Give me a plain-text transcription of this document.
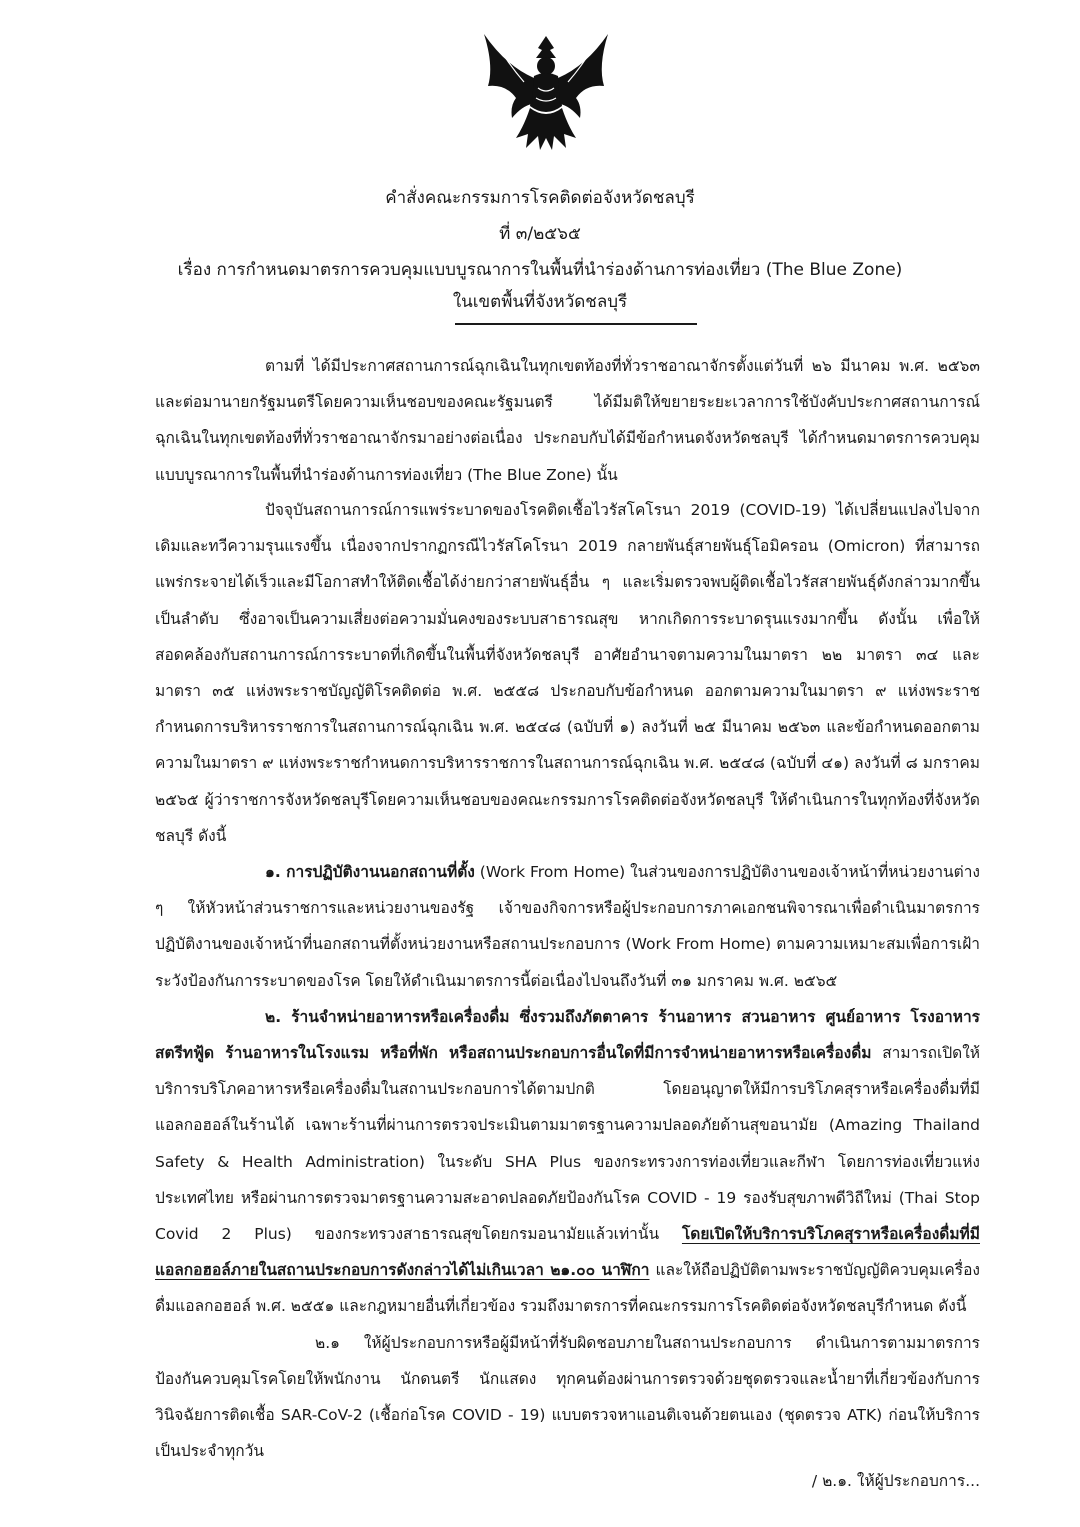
คำสั่งคณะกรรมการโรคติดต่อจังหวัดชลบุรี
ที่ ๓/๒๕๖๕
เรื่อง การกำหนดมาตรการควบคุมแบบบูรณาการในพื้นที่นำร่องด้านการท่องเที่ยว (The Blue Zone)
ในเขตพื้นที่จังหวัดชลบุรี

ตามที่ ได้มีประกาศสถานการณ์ฉุกเฉินในทุกเขตท้องที่ทั่วราชอาณาจักรตั้งแต่วันที่ ๒๖ มีนาคม พ.ศ. ๒๕๖๓ และต่อมานายกรัฐมนตรีโดยความเห็นชอบของคณะรัฐมนตรี ได้มีมติให้ขยายระยะเวลาการใช้บังคับประกาศสถานการณ์ฉุกเฉินในทุกเขตท้องที่ทั่วราชอาณาจักรมาอย่างต่อเนื่อง ประกอบกับได้มีข้อกำหนดจังหวัดชลบุรี ได้กำหนดมาตรการควบคุมแบบบูรณาการในพื้นที่นำร่องด้านการท่องเที่ยว (The Blue Zone) นั้น

ปัจจุบันสถานการณ์การแพร่ระบาดของโรคติดเชื้อไวรัสโคโรนา 2019 (COVID-19) ได้เปลี่ยนแปลงไปจากเดิมและทวีความรุนแรงขึ้น เนื่องจากปรากฏกรณีไวรัสโคโรนา 2019 กลายพันธุ์สายพันธุ์โอมิครอน (Omicron) ที่สามารถแพร่กระจายได้เร็วและมีโอกาสทำให้ติดเชื้อได้ง่ายกว่าสายพันธุ์อื่น ๆ และเริ่มตรวจพบผู้ติดเชื้อไวรัสสายพันธุ์ดังกล่าวมากขึ้นเป็นลำดับ ซึ่งอาจเป็นความเสี่ยงต่อความมั่นคงของระบบสาธารณสุข หากเกิดการระบาดรุนแรงมากขึ้น ดังนั้น เพื่อให้สอดคล้องกับสถานการณ์การระบาดที่เกิดขึ้นในพื้นที่จังหวัดชลบุรี อาศัยอำนาจตามความในมาตรา ๒๒ มาตรา ๓๔ และมาตรา ๓๕ แห่งพระราชบัญญัติโรคติดต่อ พ.ศ. ๒๕๕๘ ประกอบกับข้อกำหนด ออกตามความในมาตรา ๙ แห่งพระราชกำหนดการบริหารราชการในสถานการณ์ฉุกเฉิน พ.ศ. ๒๕๔๘ (ฉบับที่ ๑) ลงวันที่ ๒๕ มีนาคม ๒๕๖๓ และข้อกำหนดออกตามความในมาตรา ๙ แห่งพระราชกำหนดการบริหารราชการในสถานการณ์ฉุกเฉิน พ.ศ. ๒๕๔๘ (ฉบับที่ ๔๑) ลงวันที่ ๘ มกราคม ๒๕๖๕ ผู้ว่าราชการจังหวัดชลบุรีโดยความเห็นชอบของคณะกรรมการโรคติดต่อจังหวัดชลบุรี ให้ดำเนินการในทุกท้องที่จังหวัดชลบุรี ดังนี้

๑. การปฏิบัติงานนอกสถานที่ตั้ง (Work From Home) ในส่วนของการปฏิบัติงานของเจ้าหน้าที่หน่วยงานต่าง ๆ ให้หัวหน้าส่วนราชการและหน่วยงานของรัฐ เจ้าของกิจการหรือผู้ประกอบการภาคเอกชนพิจารณาเพื่อดำเนินมาตรการปฏิบัติงานของเจ้าหน้าที่นอกสถานที่ตั้งหน่วยงานหรือสถานประกอบการ (Work From Home) ตามความเหมาะสมเพื่อการเฝ้าระวังป้องกันการระบาดของโรค โดยให้ดำเนินมาตรการนี้ต่อเนื่องไปจนถึงวันที่ ๓๑ มกราคม พ.ศ. ๒๕๖๕

๒. ร้านจำหน่ายอาหารหรือเครื่องดื่ม ซึ่งรวมถึงภัตตาคาร ร้านอาหาร สวนอาหาร ศูนย์อาหาร โรงอาหาร สตรีทฟู้ด ร้านอาหารในโรงแรม หรือที่พัก หรือสถานประกอบการอื่นใดที่มีการจำหน่ายอาหารหรือเครื่องดื่ม สามารถเปิดให้บริการบริโภคอาหารหรือเครื่องดื่มในสถานประกอบการได้ตามปกติ โดยอนุญาตให้มีการบริโภคสุราหรือเครื่องดื่มที่มีแอลกอฮอล์ในร้านได้ เฉพาะร้านที่ผ่านการตรวจประเมินตามมาตรฐานความปลอดภัยด้านสุขอนามัย (Amazing Thailand Safety & Health Administration) ในระดับ SHA Plus ของกระทรวงการท่องเที่ยวและกีฬา โดยการท่องเที่ยวแห่งประเทศไทย หรือผ่านการตรวจมาตรฐานความสะอาดปลอดภัยป้องกันโรค COVID - 19 รองรับสุขภาพดีวิถีใหม่ (Thai Stop Covid 2 Plus) ของกระทรวงสาธารณสุขโดยกรมอนามัยแล้วเท่านั้น โดยเปิดให้บริการบริโภคสุราหรือเครื่องดื่มที่มีแอลกอฮอล์ภายในสถานประกอบการดังกล่าวได้ไม่เกินเวลา ๒๑.๐๐ นาฬิกา และให้ถือปฏิบัติตามพระราชบัญญัติควบคุมเครื่องดื่มแอลกอฮอล์ พ.ศ. ๒๕๕๑ และกฎหมายอื่นที่เกี่ยวข้อง รวมถึงมาตรการที่คณะกรรมการโรคติดต่อจังหวัดชลบุรีกำหนด ดังนี้

๒.๑ ให้ผู้ประกอบการหรือผู้มีหน้าที่รับผิดชอบภายในสถานประกอบการ ดำเนินการตามมาตรการป้องกันควบคุมโรคโดยให้พนักงาน นักดนตรี นักแสดง ทุกคนต้องผ่านการตรวจด้วยชุดตรวจและน้ำยาที่เกี่ยวข้องกับการวินิจฉัยการติดเชื้อ SAR-CoV-2 (เชื้อก่อโรค COVID - 19) แบบตรวจหาแอนติเจนด้วยตนเอง (ชุดตรวจ ATK) ก่อนให้บริการ เป็นประจำทุกวัน

/ ๒.๑. ให้ผู้ประกอบการ...
